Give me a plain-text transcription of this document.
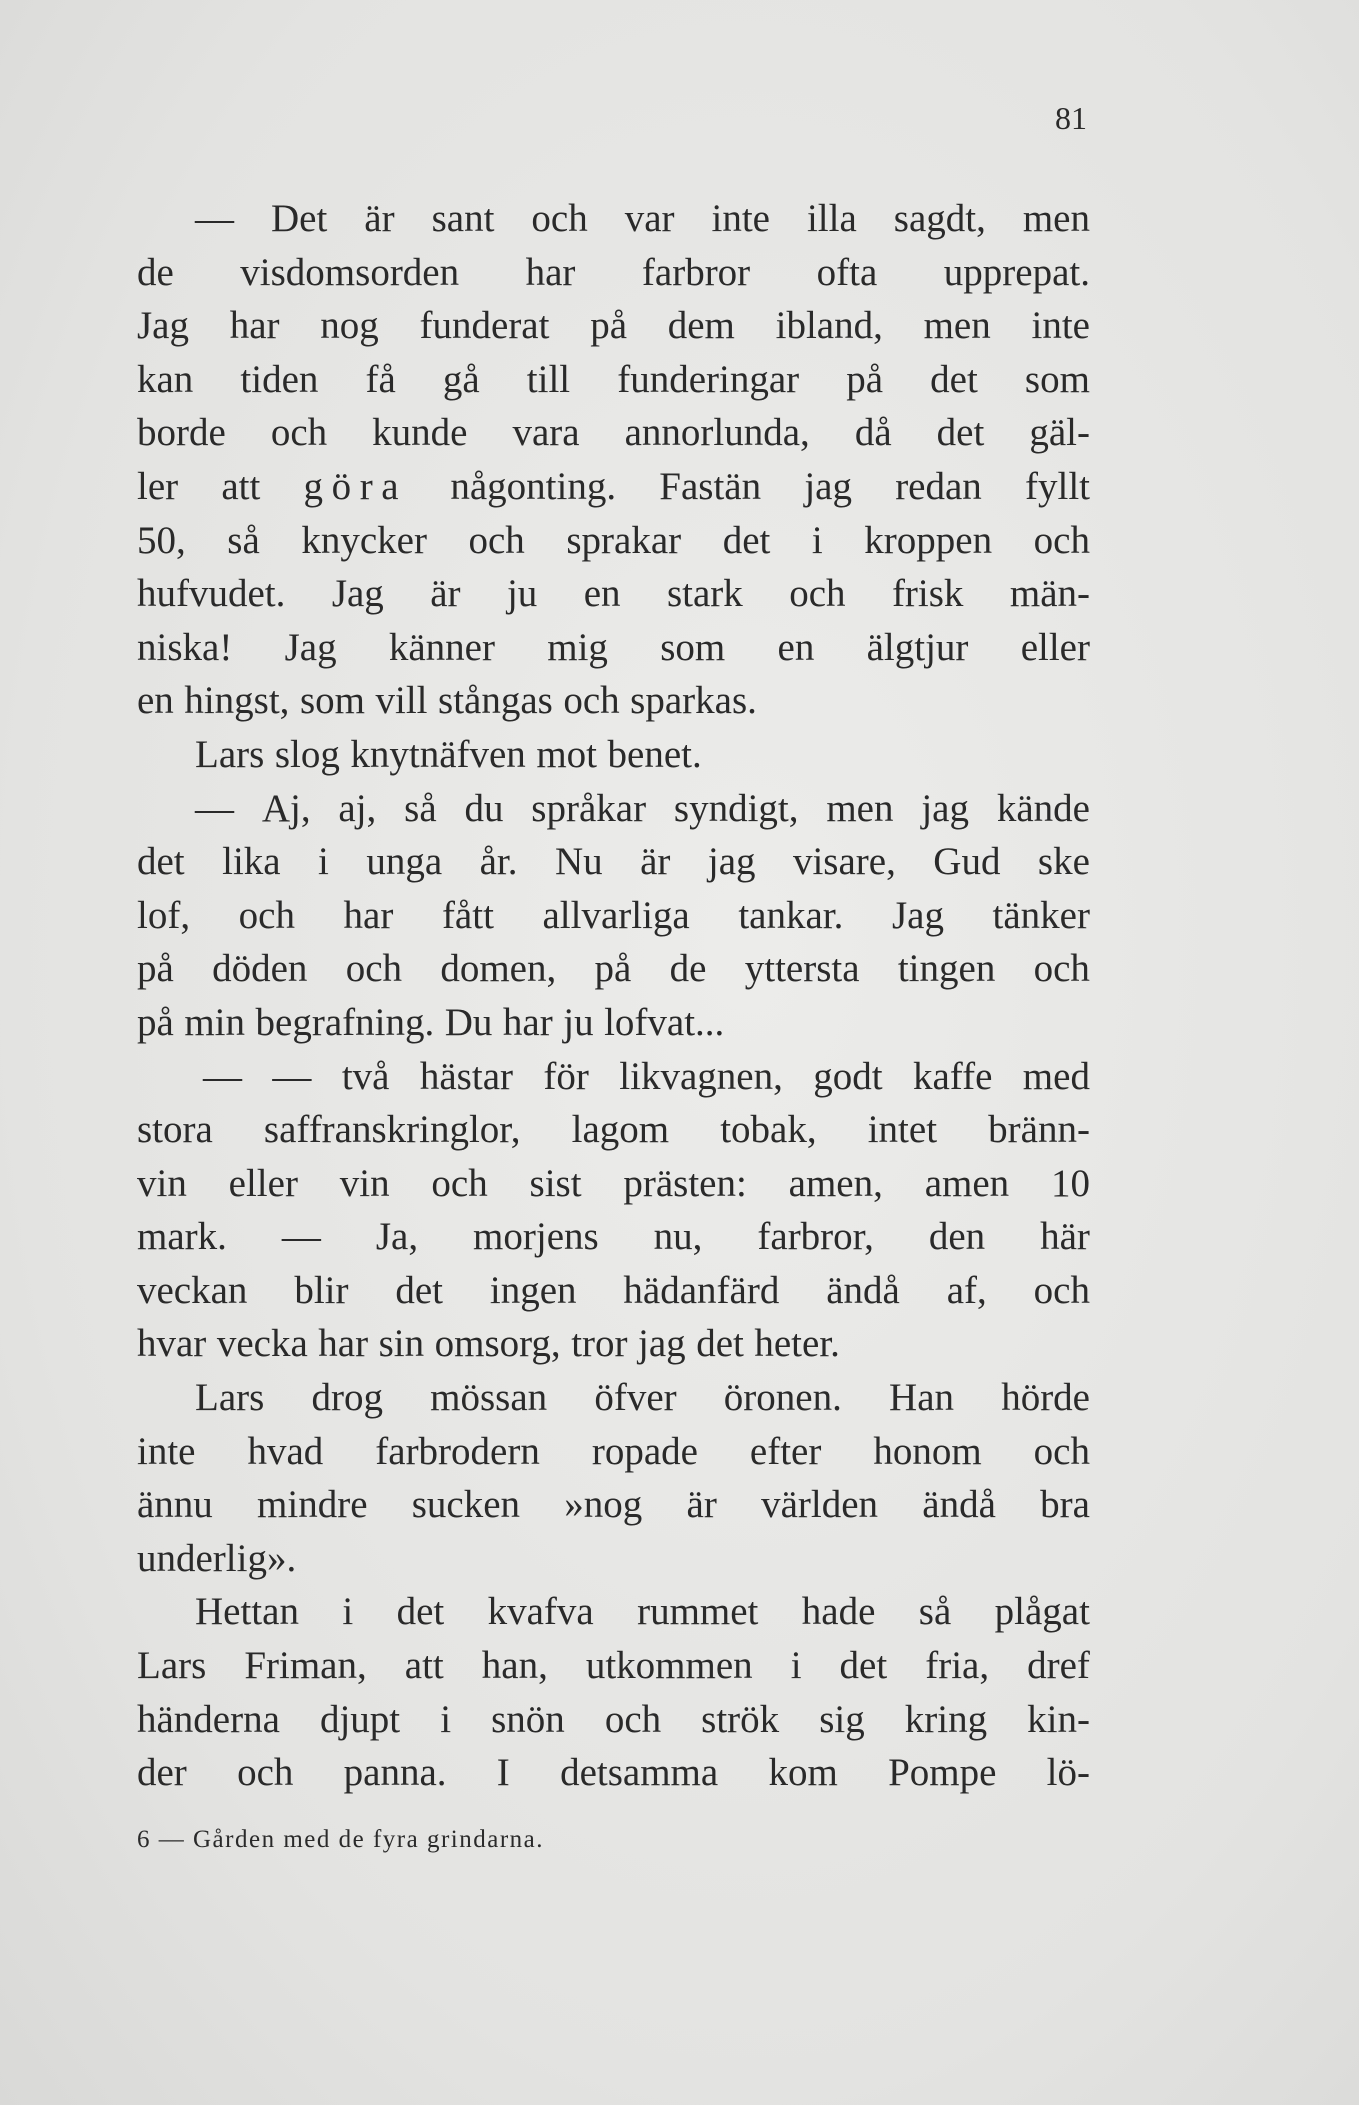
81
— Det är sant och var inte illa sagdt, men
de visdomsorden har farbror ofta upprepat.
Jag har nog funderat på dem ibland, men inte
kan tiden få gå till funderingar på det som
borde och kunde vara annorlunda, då det gäl-
ler att göra någonting. Fastän jag redan fyllt
50, så knycker och sprakar det i kroppen och
hufvudet. Jag är ju en stark och frisk män-
niska! Jag känner mig som en älgtjur eller
en hingst, som vill stångas och sparkas.
Lars slog knytnäfven mot benet.
— Aj, aj, så du språkar syndigt, men jag kände
det lika i unga år. Nu är jag visare, Gud ske
lof, och har fått allvarliga tankar. Jag tänker
på döden och domen, på de yttersta tingen och
på min begrafning. Du har ju lofvat...
— — två hästar för likvagnen, godt kaffe med
stora saffranskringlor, lagom tobak, intet bränn-
vin eller vin och sist prästen: amen, amen 10
mark. — Ja, morjens nu, farbror, den här
veckan blir det ingen hädanfärd ändå af, och
hvar vecka har sin omsorg, tror jag det heter.
Lars drog mössan öfver öronen. Han hörde
inte hvad farbrodern ropade efter honom och
ännu mindre sucken »nog är världen ändå bra
underlig».
Hettan i det kvafva rummet hade så plågat
Lars Friman, att han, utkommen i det fria, dref
händerna djupt i snön och strök sig kring kin-
der och panna. I detsamma kom Pompe lö-
6 — Gården med de fyra grindarna.
